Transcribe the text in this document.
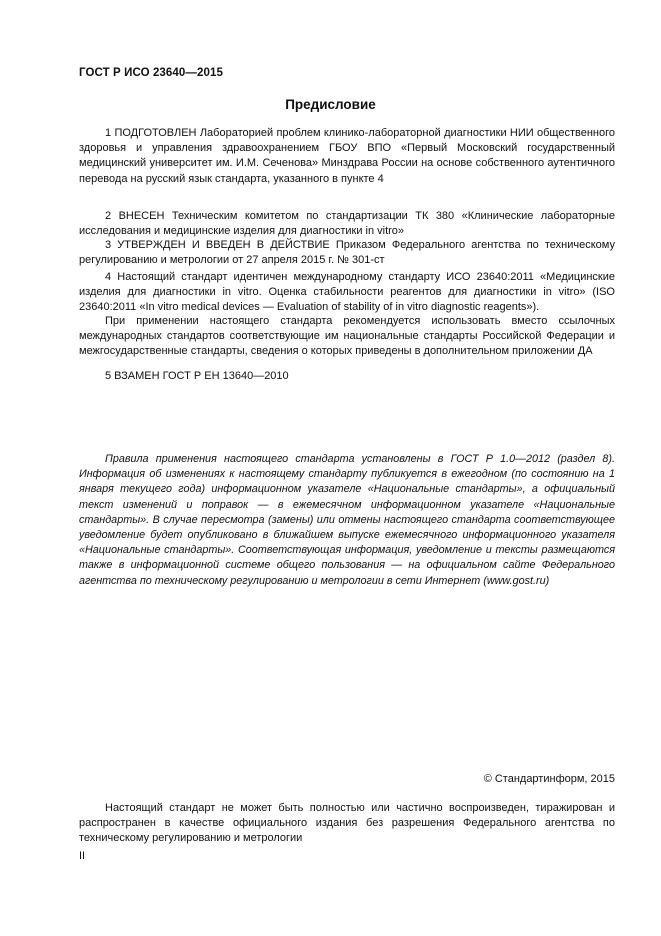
ГОСТ Р ИСО 23640—2015
Предисловие

1 ПОДГОТОВЛЕН Лабораторией проблем клинико-лабораторной диагностики НИИ общественного здоровья и управления здравоохранением ГБОУ ВПО «Первый Московский государственный медицинский университет им. И.М. Сеченова» Минздрава России на основе собственного аутентичного перевода на русский язык стандарта, указанного в пункте 4

2 ВНЕСЕН Техническим комитетом по стандартизации ТК 380 «Клинические лабораторные исследования и медицинские изделия для диагностики in vitro»

3 УТВЕРЖДЕН И ВВЕДЕН В ДЕЙСТВИЕ Приказом Федерального агентства по техническому регулированию и метрологии от 27 апреля 2015 г. № 301-ст

4 Настоящий стандарт идентичен международному стандарту ИСО 23640:2011 «Медицинские изделия для диагностики in vitro. Оценка стабильности реагентов для диагностики in vitro» (ISO 23640:2011 «In vitro medical devices — Evaluation of stability of in vitro diagnostic reagents»).

При применении настоящего стандарта рекомендуется использовать вместо ссылочных международных стандартов соответствующие им национальные стандарты Российской Федерации и межгосударственные стандарты, сведения о которых приведены в дополнительном приложении ДА

5 ВЗАМЕН ГОСТ Р ЕН 13640—2010

Правила применения настоящего стандарта установлены в ГОСТ Р 1.0—2012 (раздел 8). Информация об изменениях к настоящему стандарту публикуется в ежегодном (по состоянию на 1 января текущего года) информационном указателе «Национальные стандарты», а официальный текст изменений и поправок — в ежемесячном информационном указателе «Национальные стандарты». В случае пересмотра (замены) или отмены настоящего стандарта соответствующее уведомление будет опубликовано в ближайшем выпуске ежемесячного информационного указателя «Национальные стандарты». Соответствующая информация, уведомление и тексты размещаются также в информационной системе общего пользования — на официальном сайте Федерального агентства по техническому регулированию и метрологии в сети Интернет (www.gost.ru)

© Стандартинформ, 2015

Настоящий стандарт не может быть полностью или частично воспроизведен, тиражирован и распространен в качестве официального издания без разрешения Федерального агентства по техническому регулированию и метрологии

II
